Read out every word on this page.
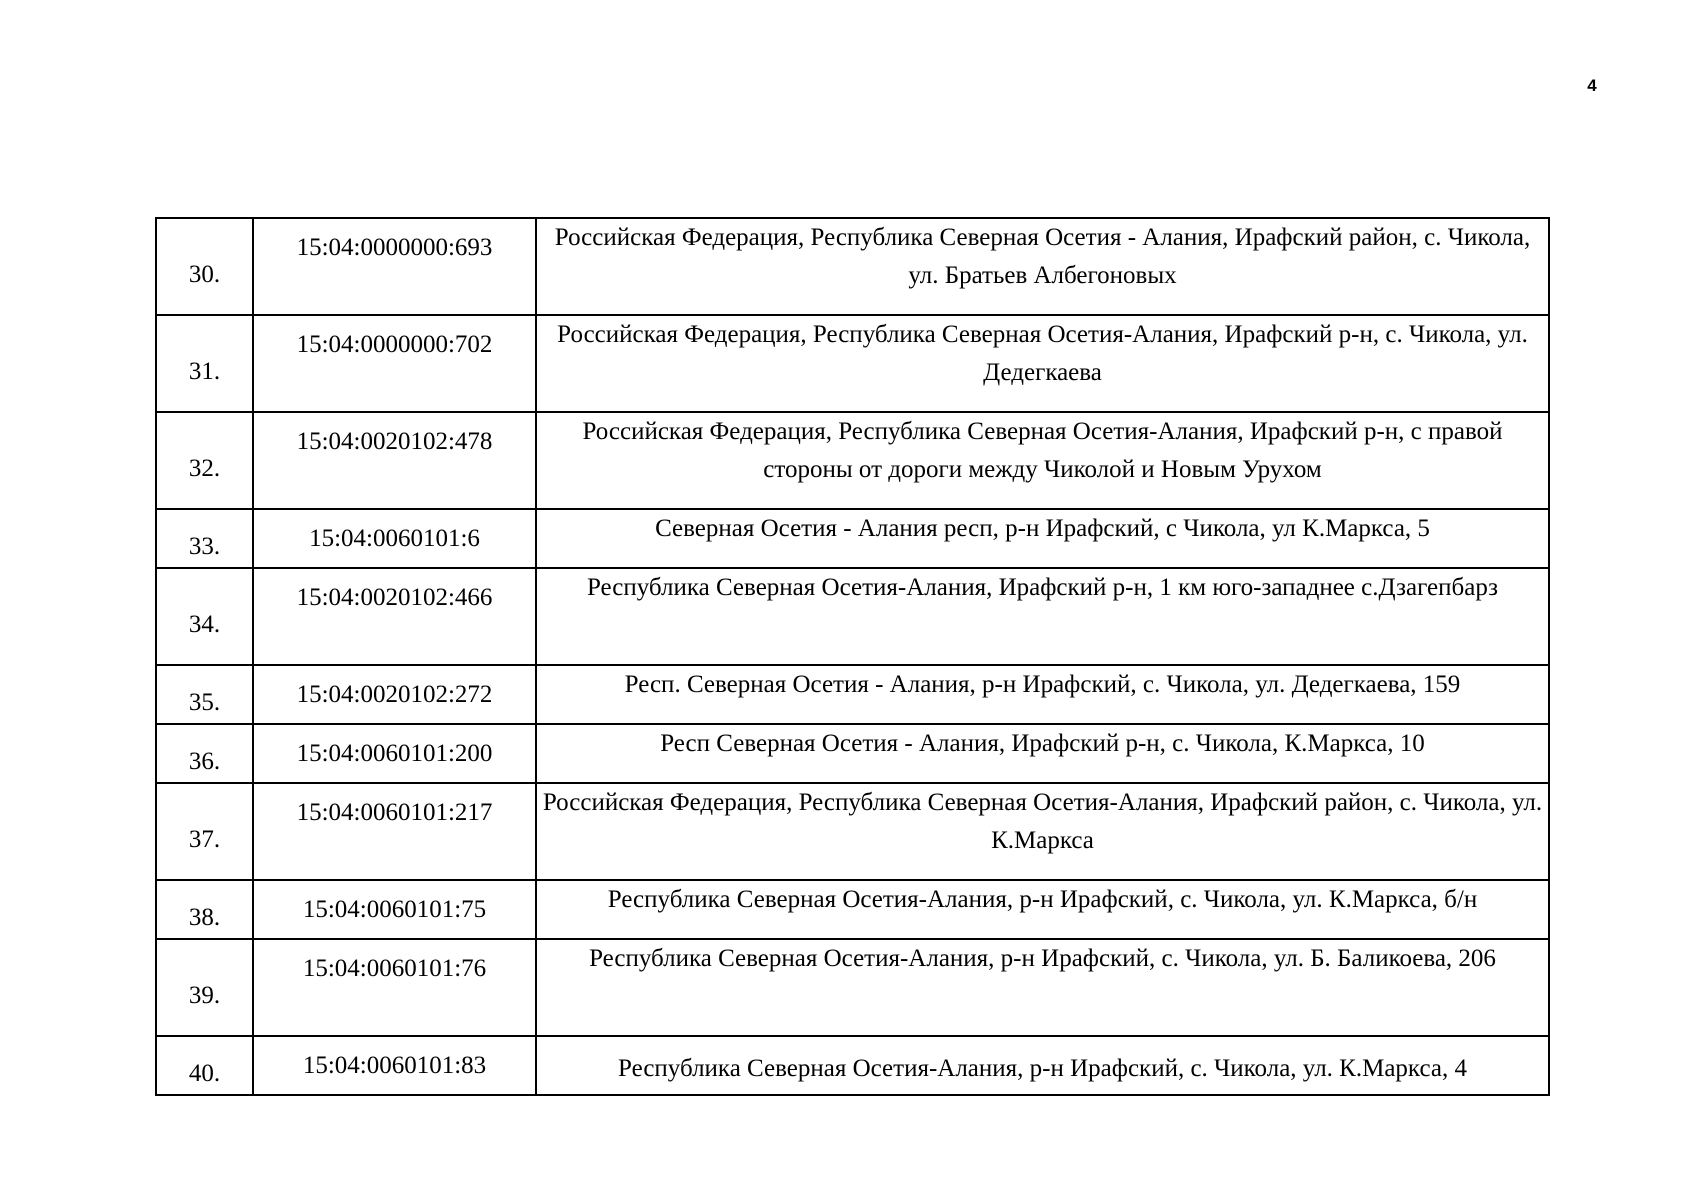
4
30.	15:04:0000000:693	Российская Федерация, Республика Северная Осетия - Алания, Ирафский район, с. Чикола, ул. Братьев Албегоновых
31.	15:04:0000000:702	Российская Федерация, Республика Северная Осетия-Алания, Ирафский р-н, с. Чикола, ул. Дедегкаева
32.	15:04:0020102:478	Российская Федерация, Республика Северная Осетия-Алания, Ирафский р-н, с правой стороны от дороги между Чиколой и Новым Урухом
33.	15:04:0060101:6	Северная Осетия - Алания респ, р-н Ирафский, с Чикола, ул К.Маркса, 5
34.	15:04:0020102:466	Республика Северная Осетия-Алания, Ирафский р-н, 1 км юго-западнее с.Дзагепбарз
35.	15:04:0020102:272	Респ. Северная Осетия - Алания, р-н Ирафский, с. Чикола, ул. Дедегкаева, 159
36.	15:04:0060101:200	Респ Северная Осетия - Алания, Ирафский р-н, с. Чикола, К.Маркса, 10
37.	15:04:0060101:217	Российская Федерация, Республика Северная Осетия-Алания, Ирафский район, с. Чикола, ул. К.Маркса
38.	15:04:0060101:75	Республика Северная Осетия-Алания, р-н Ирафский, с. Чикола, ул. К.Маркса, б/н
39.	15:04:0060101:76	Республика Северная Осетия-Алания, р-н Ирафский, с. Чикола, ул. Б. Баликоева, 206
40.	15:04:0060101:83	Республика Северная Осетия-Алания, р-н Ирафский, с. Чикола, ул. К.Маркса, 4
